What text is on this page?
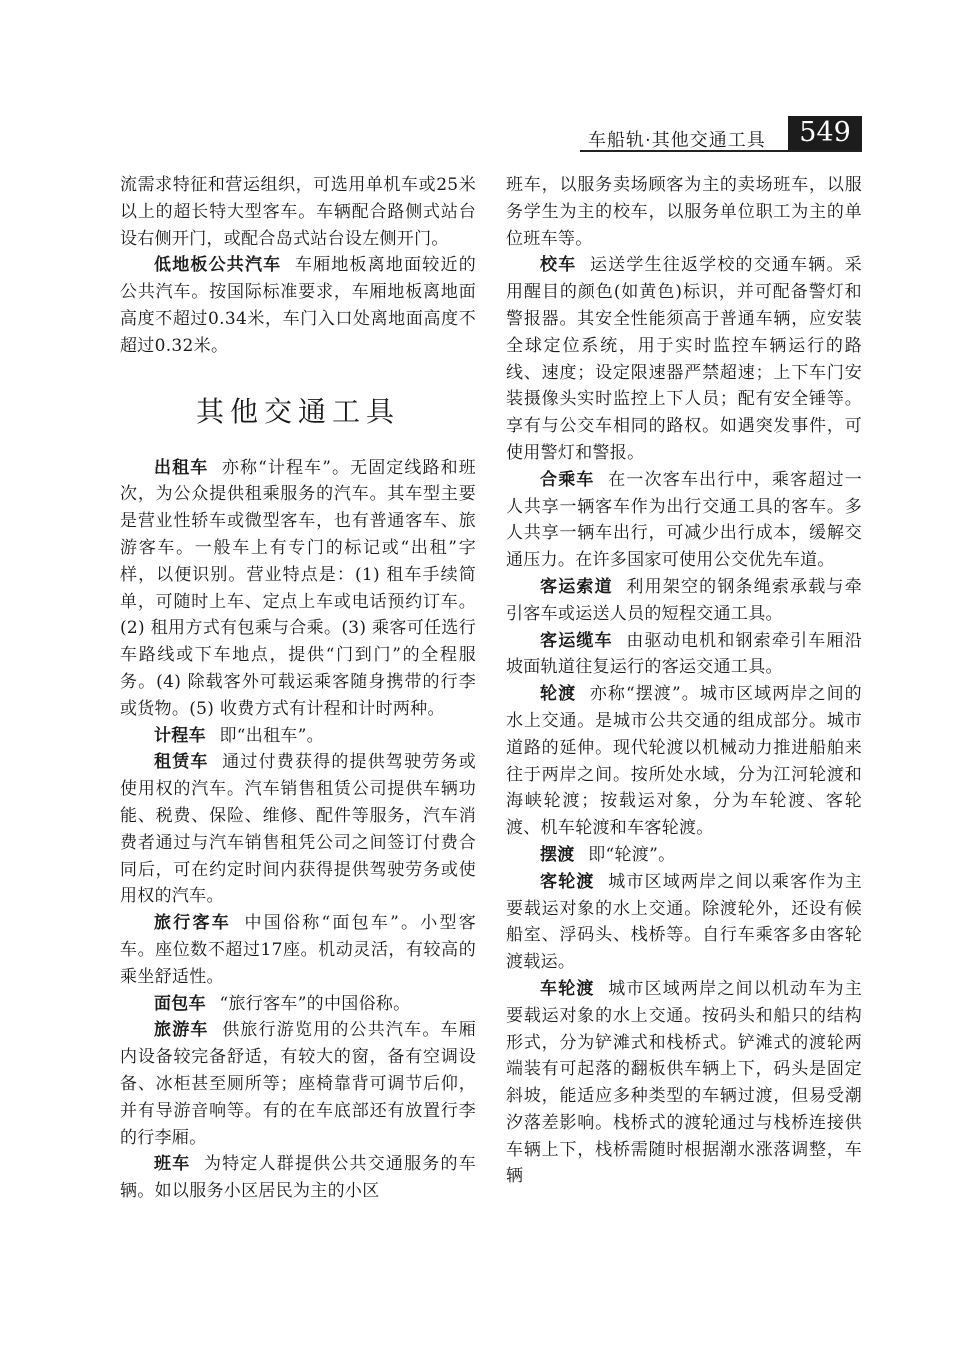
车船轨·其他交通工具	549

流需求特征和营运组织，可选用单机车或25米以上的超长特大型客车。车辆配合路侧式站台设右侧开门，或配合岛式站台设左侧开门。

低地板公共汽车 车厢地板离地面较近的公共汽车。按国际标准要求，车厢地板离地面高度不超过0.34米，车门入口处离地面高度不超过0.32米。

其他交通工具

出租车 亦称“计程车”。无固定线路和班次，为公众提供租乘服务的汽车。其车型主要是营业性轿车或微型客车，也有普通客车、旅游客车。一般车上有专门的标记或“出租”字样，以便识别。营业特点是：(1) 租车手续简单，可随时上车、定点上车或电话预约订车。(2) 租用方式有包乘与合乘。(3) 乘客可任选行车路线或下车地点，提供“门到门”的全程服务。(4) 除载客外可载运乘客随身携带的行李或货物。(5) 收费方式有计程和计时两种。

计程车 即“出租车”。

租赁车 通过付费获得的提供驾驶劳务或使用权的汽车。汽车销售租赁公司提供车辆功能、税费、保险、维修、配件等服务，汽车消费者通过与汽车销售租凭公司之间签订付费合同后，可在约定时间内获得提供驾驶劳务或使用权的汽车。

旅行客车 中国俗称“面包车”。小型客车。座位数不超过17座。机动灵活，有较高的乘坐舒适性。

面包车 “旅行客车”的中国俗称。

旅游车 供旅行游览用的公共汽车。车厢内设备较完备舒适，有较大的窗，备有空调设备、冰柜甚至厕所等；座椅靠背可调节后仰，并有导游音响等。有的在车底部还有放置行李的行李厢。

班车 为特定人群提供公共交通服务的车辆。如以服务小区居民为主的小区

班车，以服务卖场顾客为主的卖场班车，以服务学生为主的校车，以服务单位职工为主的单位班车等。

校车 运送学生往返学校的交通车辆。采用醒目的颜色(如黄色)标识，并可配备警灯和警报器。其安全性能须高于普通车辆，应安装全球定位系统，用于实时监控车辆运行的路线、速度；设定限速器严禁超速；上下车门安装摄像头实时监控上下人员；配有安全锤等。享有与公交车相同的路权。如遇突发事件，可使用警灯和警报。

合乘车 在一次客车出行中，乘客超过一人共享一辆客车作为出行交通工具的客车。多人共享一辆车出行，可减少出行成本，缓解交通压力。在许多国家可使用公交优先车道。

客运索道 利用架空的钢条绳索承载与牵引客车或运送人员的短程交通工具。

客运缆车 由驱动电机和钢索牵引车厢沿坡面轨道往复运行的客运交通工具。

轮渡 亦称“摆渡”。城市区域两岸之间的水上交通。是城市公共交通的组成部分。城市道路的延伸。现代轮渡以机械动力推进船舶来往于两岸之间。按所处水域，分为江河轮渡和海峡轮渡；按载运对象，分为车轮渡、客轮渡、机车轮渡和车客轮渡。

摆渡 即“轮渡”。

客轮渡 城市区域两岸之间以乘客作为主要载运对象的水上交通。除渡轮外，还设有候船室、浮码头、栈桥等。自行车乘客多由客轮渡载运。

车轮渡 城市区域两岸之间以机动车为主要载运对象的水上交通。按码头和船只的结构形式，分为铲滩式和栈桥式。铲滩式的渡轮两端装有可起落的翻板供车辆上下，码头是固定斜坡，能适应多种类型的车辆过渡，但易受潮汐落差影响。栈桥式的渡轮通过与栈桥连接供车辆上下，栈桥需随时根据潮水涨落调整，车辆
